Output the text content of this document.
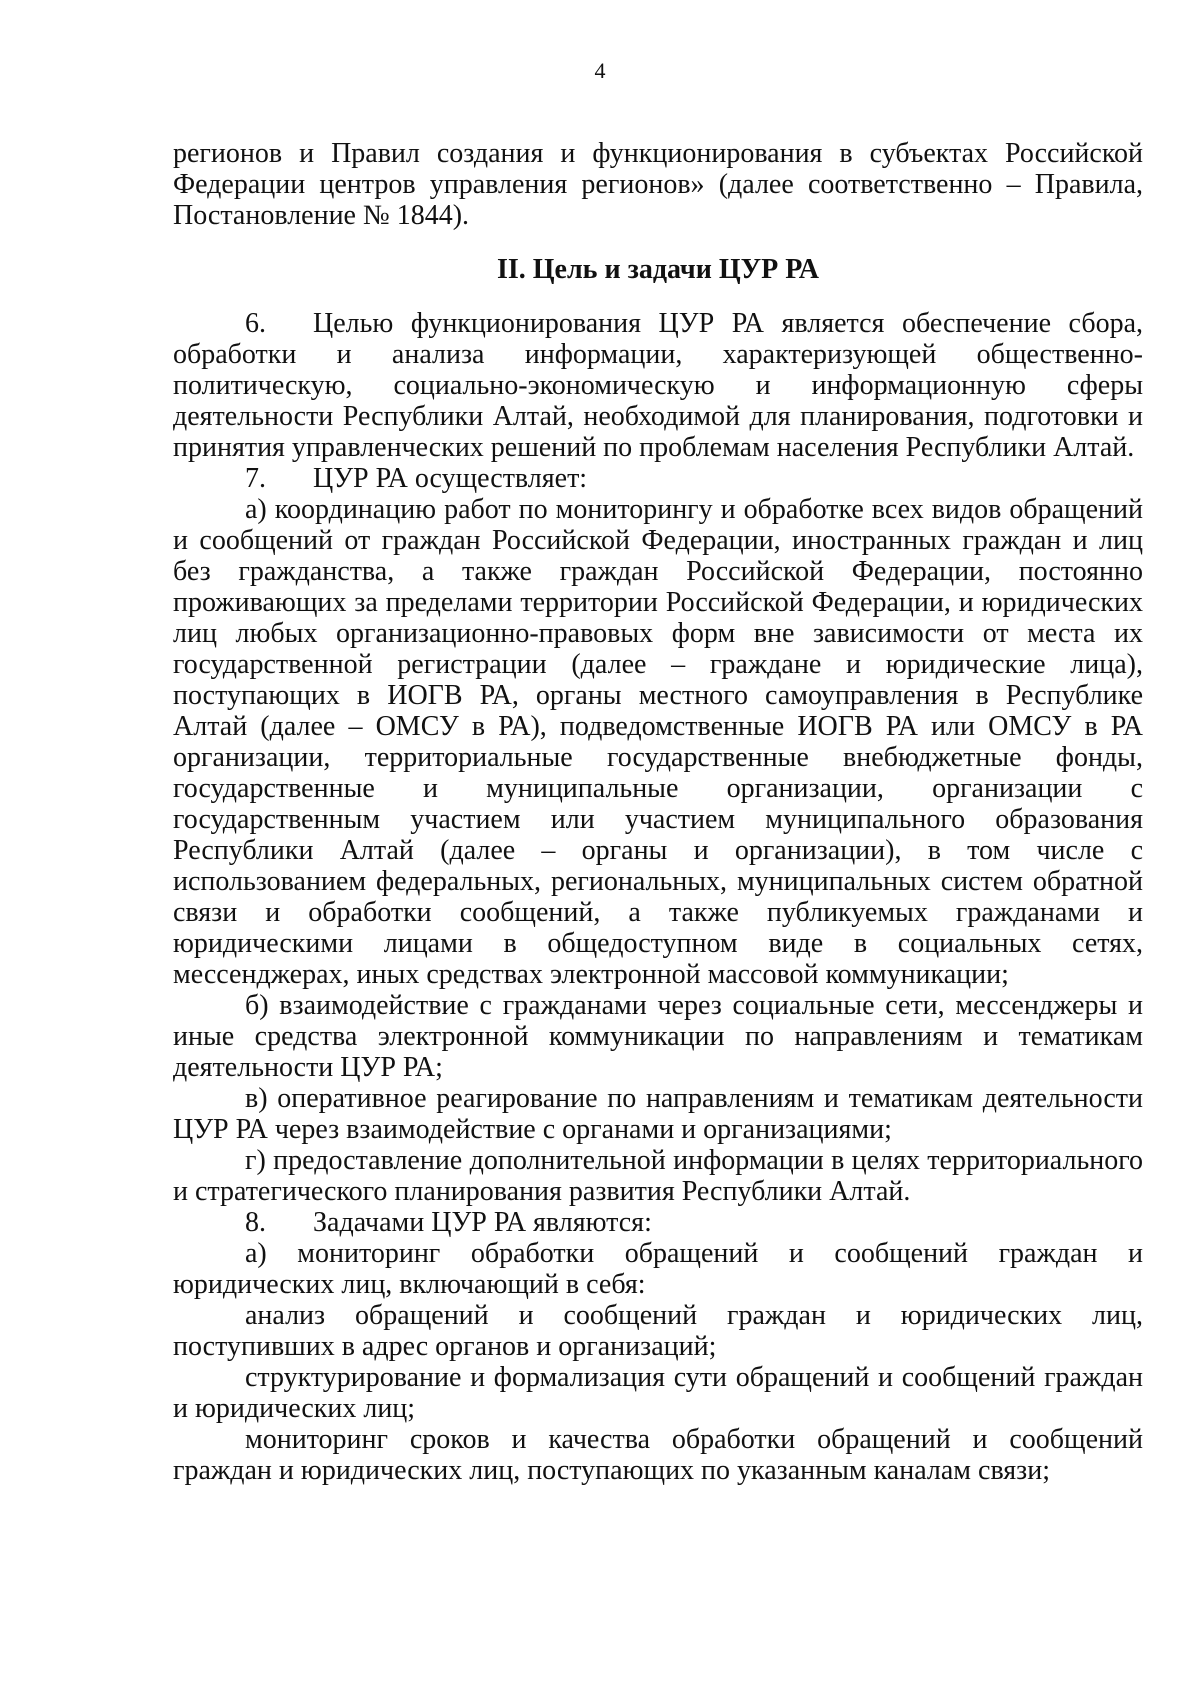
4

регионов и Правил создания и функционирования в субъектах Российской Федерации центров управления регионов» (далее соответственно – Правила, Постановление № 1844).

II. Цель и задачи ЦУР РА

6. Целью функционирования ЦУР РА является обеспечение сбора, обработки и анализа информации, характеризующей общественно-политическую, социально-экономическую и информационную сферы деятельности Республики Алтай, необходимой для планирования, подготовки и принятия управленческих решений по проблемам населения Республики Алтай.

7. ЦУР РА осуществляет:

а) координацию работ по мониторингу и обработке всех видов обращений и сообщений от граждан Российской Федерации, иностранных граждан и лиц без гражданства, а также граждан Российской Федерации, постоянно проживающих за пределами территории Российской Федерации, и юридических лиц любых организационно-правовых форм вне зависимости от места их государственной регистрации (далее – граждане и юридические лица), поступающих в ИОГВ РА, органы местного самоуправления в Республике Алтай (далее – ОМСУ в РА), подведомственные ИОГВ РА или ОМСУ в РА организации, территориальные государственные внебюджетные фонды, государственные и муниципальные организации, организации с государственным участием или участием муниципального образования Республики Алтай (далее – органы и организации), в том числе с использованием федеральных, региональных, муниципальных систем обратной связи и обработки сообщений, а также публикуемых гражданами и юридическими лицами в общедоступном виде в социальных сетях, мессенджерах, иных средствах электронной массовой коммуникации;

б) взаимодействие с гражданами через социальные сети, мессенджеры и иные средства электронной коммуникации по направлениям и тематикам деятельности ЦУР РА;

в) оперативное реагирование по направлениям и тематикам деятельности ЦУР РА через взаимодействие с органами и организациями;

г) предоставление дополнительной информации в целях территориального и стратегического планирования развития Республики Алтай.

8. Задачами ЦУР РА являются:

а) мониторинг обработки обращений и сообщений граждан и юридических лиц, включающий в себя:

анализ обращений и сообщений граждан и юридических лиц, поступивших в адрес органов и организаций;

структурирование и формализация сути обращений и сообщений граждан и юридических лиц;

мониторинг сроков и качества обработки обращений и сообщений граждан и юридических лиц, поступающих по указанным каналам связи;
